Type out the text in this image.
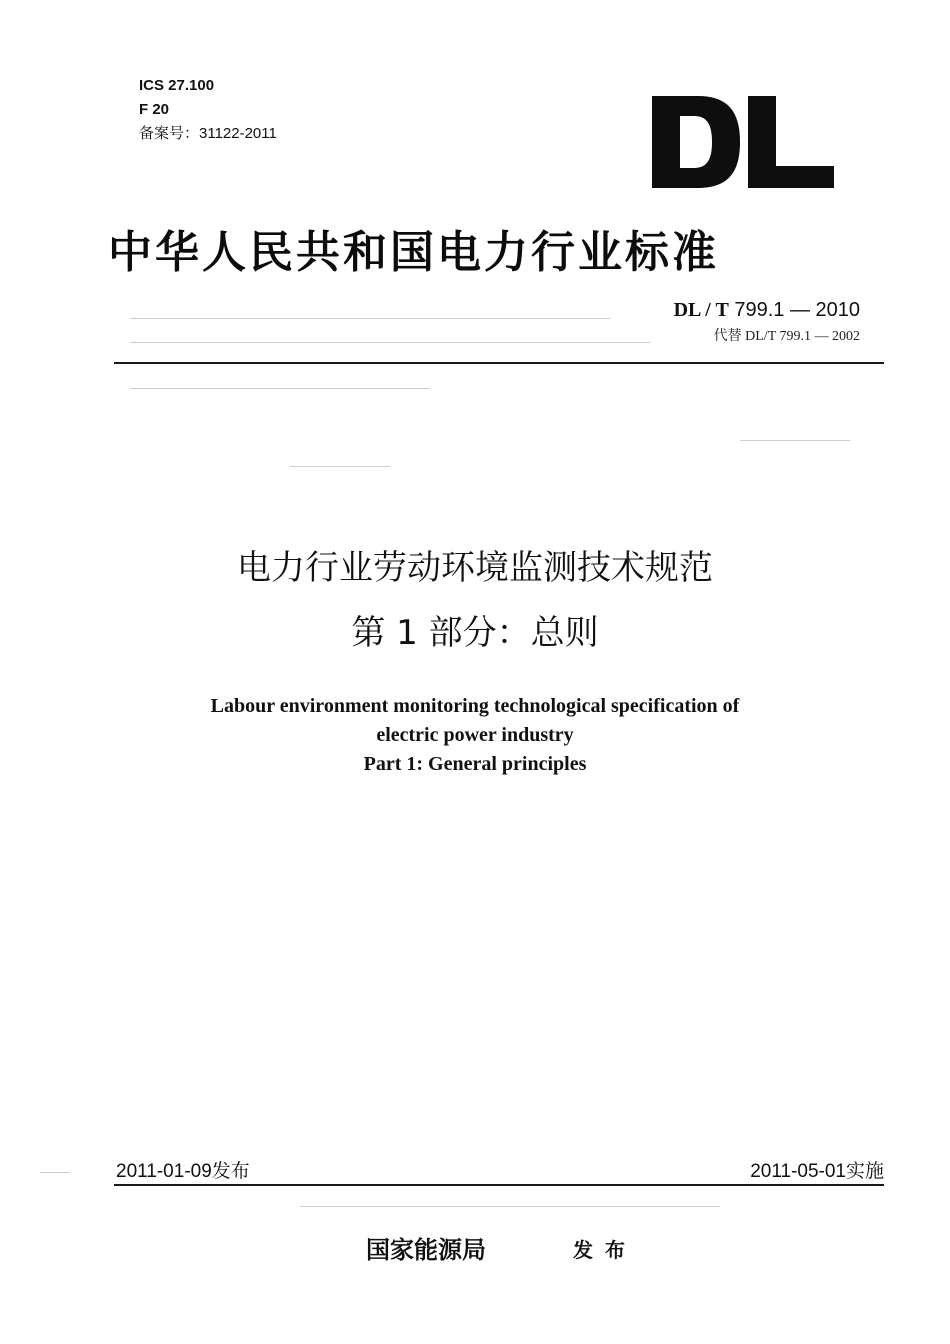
ICS 27.100
F 20
备案号：31122-2011
中华人民共和国电力行业标准
DL / T 799.1 — 2010
代替 DL/T 799.1 — 2002
电力行业劳动环境监测技术规范
第 1 部分：总则
Labour environment monitoring technological specification of
electric power industry
Part 1: General principles
2011-01-09发布	2011-05-01实施
国家能源局	发布
